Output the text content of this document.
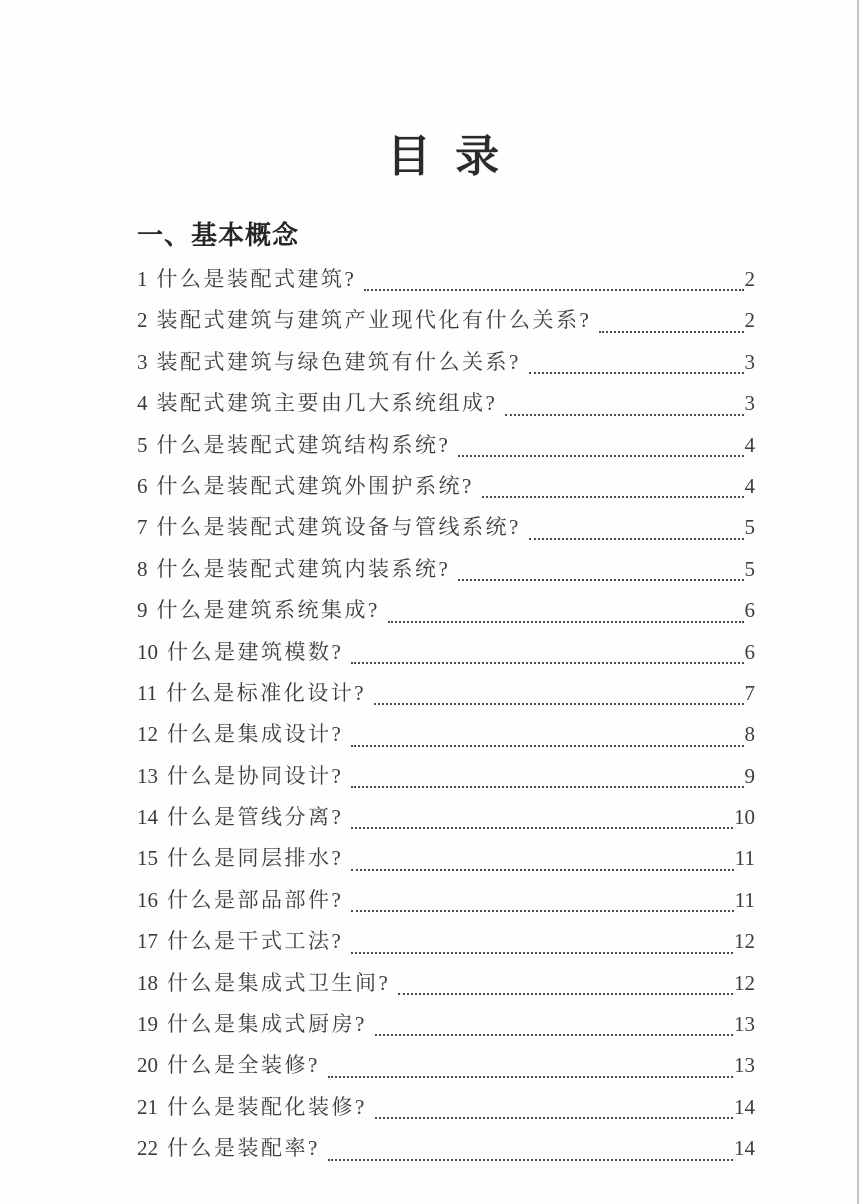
目 录
一、基本概念
1 什么是装配式建筑?	2
2 装配式建筑与建筑产业现代化有什么关系?	2
3 装配式建筑与绿色建筑有什么关系?	3
4 装配式建筑主要由几大系统组成?	3
5 什么是装配式建筑结构系统?	4
6 什么是装配式建筑外围护系统?	4
7 什么是装配式建筑设备与管线系统?	5
8 什么是装配式建筑内装系统?	5
9 什么是建筑系统集成?	6
10 什么是建筑模数?	6
11 什么是标准化设计?	7
12 什么是集成设计?	8
13 什么是协同设计?	9
14 什么是管线分离?	10
15 什么是同层排水?	11
16 什么是部品部件?	11
17 什么是干式工法?	12
18 什么是集成式卫生间?	12
19 什么是集成式厨房?	13
20 什么是全装修?	13
21 什么是装配化装修?	14
22 什么是装配率?	14
